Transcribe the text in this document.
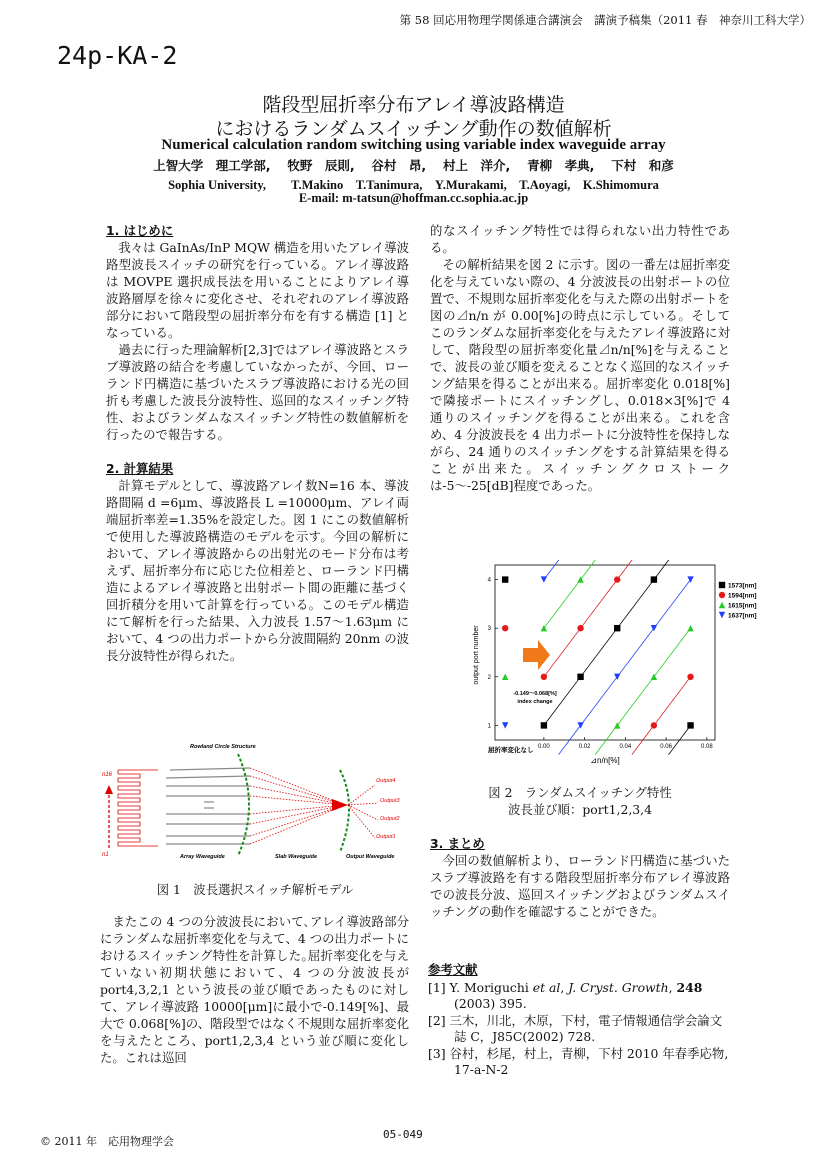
第 58 回応用物理学関係連合講演会　講演予稿集（2011 春　神奈川工科大学）
24p-KA-2
階段型屈折率分布アレイ導波路構造
におけるランダムスイッチング動作の数値解析
Numerical calculation random switching using variable index waveguide array
上智大学　理工学部,　 牧野　辰則,　 谷村　昂,　 村上　洋介,　 青柳　孝典,　 下村　和彦
Sophia University,　　T.Makino　T.Tanimura,　Y.Murakami,　T.Aoyagi,　K.Shimomura
E-mail: m-tatsun@hoffman.cc.sophia.ac.jp

1. はじめに

我々は GaInAs/InP MQW 構造を用いたアレイ導波路型波長スイッチの研究を行っている。アレイ導波路は MOVPE 選択成長法を用いることによりアレイ導波路層厚を徐々に変化させ、それぞれのアレイ導波路部分において階段型の屈折率分布を有する構造 [1] となっている。

過去に行った理論解析[2,3]ではアレイ導波路とスラブ導波路の結合を考慮していなかったが、今回、ローランド円構造に基づいたスラブ導波路における光の回折も考慮した波長分波特性、巡回的なスイッチング特性、およびランダムなスイッチング特性の数値解析を行ったので報告する。

2. 計算結果

計算モデルとして、導波路アレイ数N=16 本、導波路間隔 d =6μm、導波路長 L =10000μm、アレイ両端屈折率差=1.35%を設定した。図 1 にこの数値解析で使用した導波路構造のモデルを示す。今回の解析において、アレイ導波路からの出射光のモード分布は考えず、屈折率分布に応じた位相差と、ローランド円構造によるアレイ導波路と出射ポート間の距離に基づく回折積分を用いて計算を行っている。このモデル構造にて解析を行った結果、入力波長 1.57〜1.63μm において、4 つの出力ポートから分波間隔約 20nm の波長分波特性が得られた。

Rowland Circle Structure
n16
n1
Output4
Output3
Output2
Output1
Array Waveguide	Slab Waveguide	Output Waveguide

図 1　波長選択スイッチ解析モデル

またこの 4 つの分波波長において､アレイ導波路部分にランダムな屈折率変化を与えて、4 つの出力ポートにおけるスイッチング特性を計算した｡屈折率変化を与えていない初期状態において、4 つの分波波長が port4,3,2,1 という波長の並び順であったものに対して、アレイ導波路 10000[μm]に最小で-0.149[%]、最大で 0.068[%]の、階段型ではなく不規則な屈折率変化を与えたところ、port1,2,3,4 という並び順に変化した。これは巡回

的なスイッチング特性では得られない出力特性である。

その解析結果を図 2 に示す。図の一番左は屈折率変化を与えていない際の、4 分波波長の出射ポートの位置で、不規則な屈折率変化を与えた際の出射ポートを図の⊿n/n が 0.00[%]の時点に示している。そしてこのランダムな屈折率変化を与えたアレイ導波路に対して、階段型の屈折率変化量⊿n/n[%]を与えることで、波長の並び順を変えることなく巡回的なスイッチング結果を得ることが出来る。屈折率変化 0.018[%]で隣接ポートにスイッチングし、0.018×3[%]で 4 通りのスイッチングを得ることが出来る。これを含め、4 分波波長を 4 出力ポートに分波特性を保持しながら、24 通りのスイッチングをする計算結果を得ることが出来た。スイッチングクロストークは-5〜-25[dB]程度であった。

-0.149〜0.068[%]
index change
屈折率変化なし 0.00	0.02	0.04	0.06	0.08
1
2
3
4
1573[nm]
1594[nm]
1615[nm]
1637[nm]
⊿n/n[%]
output port number
図 2　ランダムスイッチング特性
波長並び順：port1,2,3,4

3. まとめ

今回の数値解析より、ローランド円構造に基づいたスラブ導波路を有する階段型屈折率分布アレイ導波路での波長分波、巡回スイッチングおよびランダムスイッチングの動作を確認することができた。

参考文献

[1] Y. Moriguchi et al, J. Cryst. Growth, 248 (2003) 395.

[2] 三木，川北，木原，下村，電子情報通信学会論文誌 C，J85C(2002) 728.

[3] 谷村，杉尾，村上，青柳，下村 2010 年春季応物, 17-a-N-2

© 2011 年　応用物理学会
05-049
